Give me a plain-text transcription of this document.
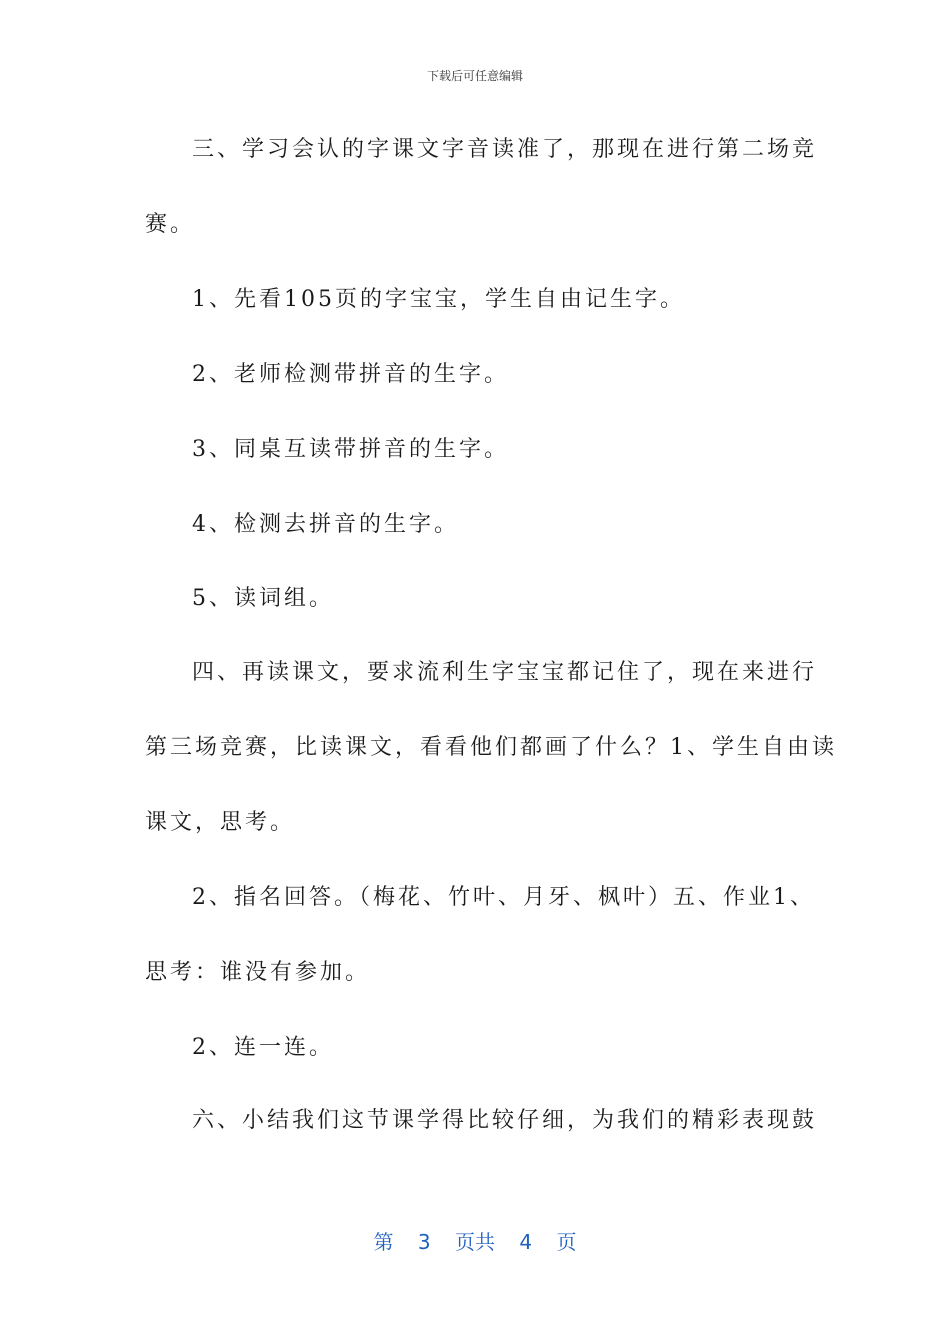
下载后可任意编辑
三、学习会认的字课文字音读准了，那现在进行第二场竞
赛。
1、先看105页的字宝宝，学生自由记生字。
2、老师检测带拼音的生字。
3、同桌互读带拼音的生字。
4、检测去拼音的生字。
5、读词组。
四、再读课文，要求流利生字宝宝都记住了，现在来进行
第三场竞赛，比读课文，看看他们都画了什么？1、学生自由读
课文，思考。
2、指名回答。（梅花、竹叶、月牙、枫叶）五、作业1、
思考：谁没有参加。
2、连一连。
六、小结我们这节课学得比较仔细，为我们的精彩表现鼓
第 3 页共 4 页
